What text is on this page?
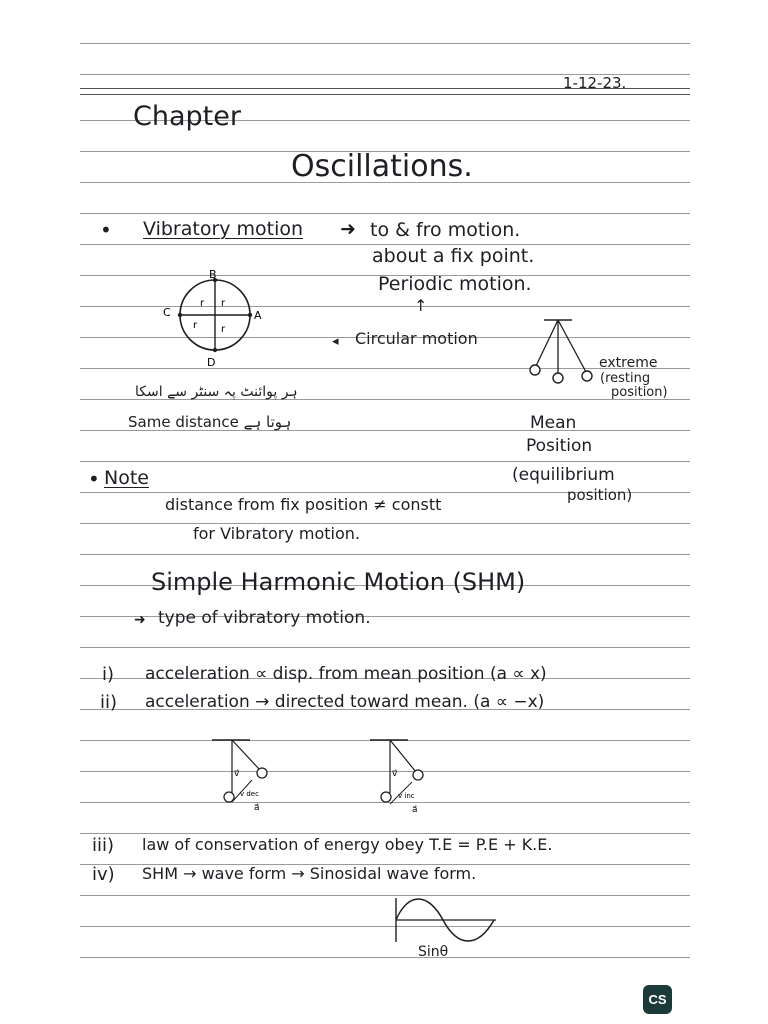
1-12-23.
Chapter
Oscillations.
• Vibratory motion ➜ to & fro motion.
about a fix point.
Periodic motion.
↑
◂ Circular motion
B
C	A
D
r r
r r
ہر پوائنٹ پہ سنٹر سے اسکا
Same distance ہوتا ہے
extreme
(resting
position)
Mean
Position
(equilibrium
position)
• Note
distance from fix position ≠ constt
for Vibratory motion.
Simple Harmonic Motion (SHM)
➜ type of vibratory motion.
i) acceleration ∝ disp. from mean position (a ∝ x)
ii) acceleration → directed toward mean. (a ∝ −x)
v⃗
v dec
a⃗
v⃗
v inc
a⃗
iii) law of conservation of energy obey T.E = P.E + K.E.
iv) SHM → wave form → Sinosidal wave form.
Sinθ
CS
